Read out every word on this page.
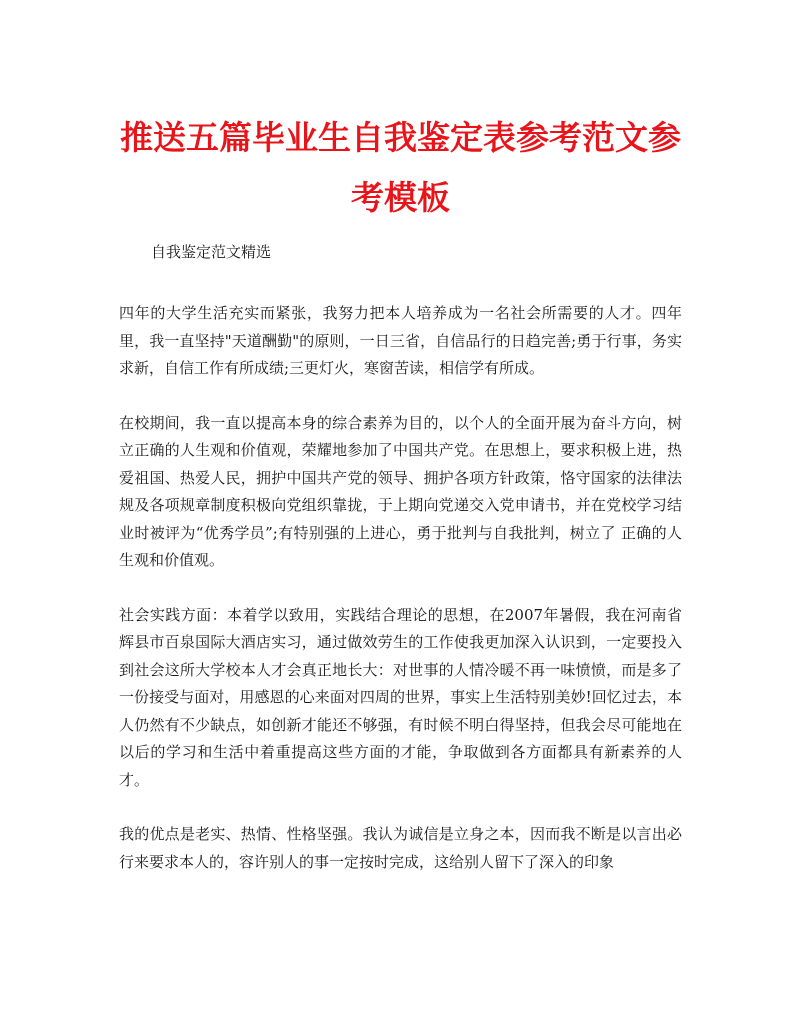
推送五篇毕业生自我鉴定表参考范文参考模板
自我鉴定范文精选

四年的大学生活充实而紧张，我努力把本人培养成为一名社会所需要的人才。四年里，我一直坚持"天道酬勤"的原则，一日三省，自信品行的日趋完善;勇于行事，务实求新，自信工作有所成绩;三更灯火，寒窗苦读，相信学有所成。

在校期间，我一直以提高本身的综合素养为目的，以个人的全面开展为奋斗方向，树立正确的人生观和价值观，荣耀地参加了中国共产党。在思想上，要求积极上进，热爱祖国、热爱人民，拥护中国共产党的领导、拥护各项方针政策，恪守国家的法律法规及各项规章制度积极向党组织靠拢，于上期向党递交入党申请书，并在党校学习结业时被评为“优秀学员”;有特别强的上进心，勇于批判与自我批判，树立了 正确的人生观和价值观。

社会实践方面：本着学以致用，实践结合理论的思想，在2007年暑假，我在河南省辉县市百泉国际大酒店实习，通过做效劳生的工作使我更加深入认识到，一定要投入到社会这所大学校本人才会真正地长大：对世事的人情冷暖不再一味愤愤，而是多了一份接受与面对，用感恩的心来面对四周的世界，事实上生活特别美妙!回忆过去，本人仍然有不少缺点，如创新才能还不够强，有时候不明白得坚持，但我会尽可能地在以后的学习和生活中着重提高这些方面的才能，争取做到各方面都具有新素养的人才。

我的优点是老实、热情、性格坚强。我认为诚信是立身之本，因而我不断是以言出必行来要求本人的，容许别人的事一定按时完成，这给别人留下了深入的印象
